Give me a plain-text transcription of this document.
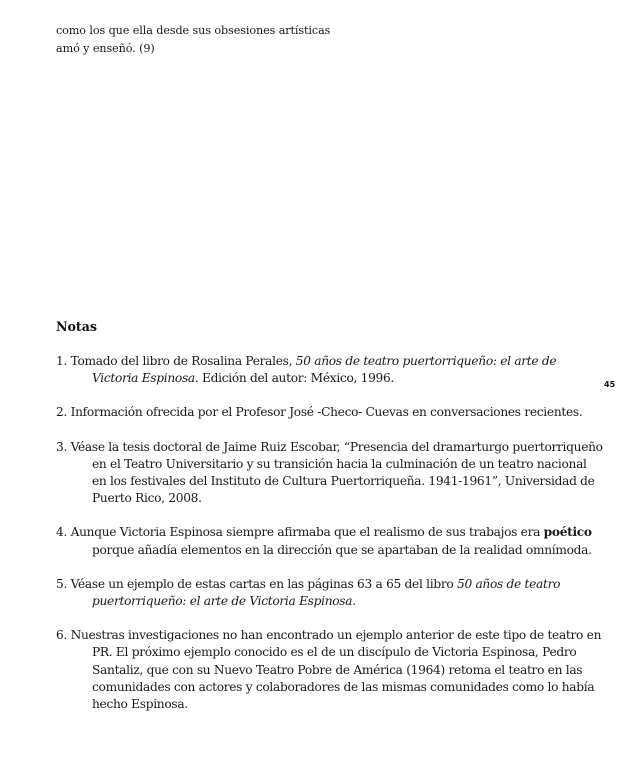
como los que ella desde sus obsesiones artísticas

amó y enseñó. (9)

45
Notas
1. Tomado del libro de Rosalina Perales, 50 años de teatro puertorriqueño: el arte de Victoria Espinosa. Edición del autor: México, 1996.
2. Información ofrecida por el Profesor José -Checo- Cuevas en conversaciones recientes.
3. Véase la tesis doctoral de Jaime Ruiz Escobar, “Presencia del dramarturgo puertorriqueño en el Teatro Universitario y su transición hacia la culminación de un teatro nacional en los festivales del Instituto de Cultura Puertorriqueña. 1941-1961”, Universidad de Puerto Rico, 2008.
4. Aunque Victoria Espinosa siempre afirmaba que el realismo de sus trabajos era poético porque añadía elementos en la dirección que se apartaban de la realidad omnímoda.
5. Véase un ejemplo de estas cartas en las páginas 63 a 65 del libro 50 años de teatro puertorriqueño: el arte de Victoria Espinosa.
6. Nuestras investigaciones no han encontrado un ejemplo anterior de este tipo de teatro en PR. El próximo ejemplo conocido es el de un discípulo de Victoria Espinosa, Pedro Santaliz, que con su Nuevo Teatro Pobre de América (1964) retoma el teatro en las comunidades con actores y colaboradores de las mismas comunidades como lo había hecho Espinosa.
